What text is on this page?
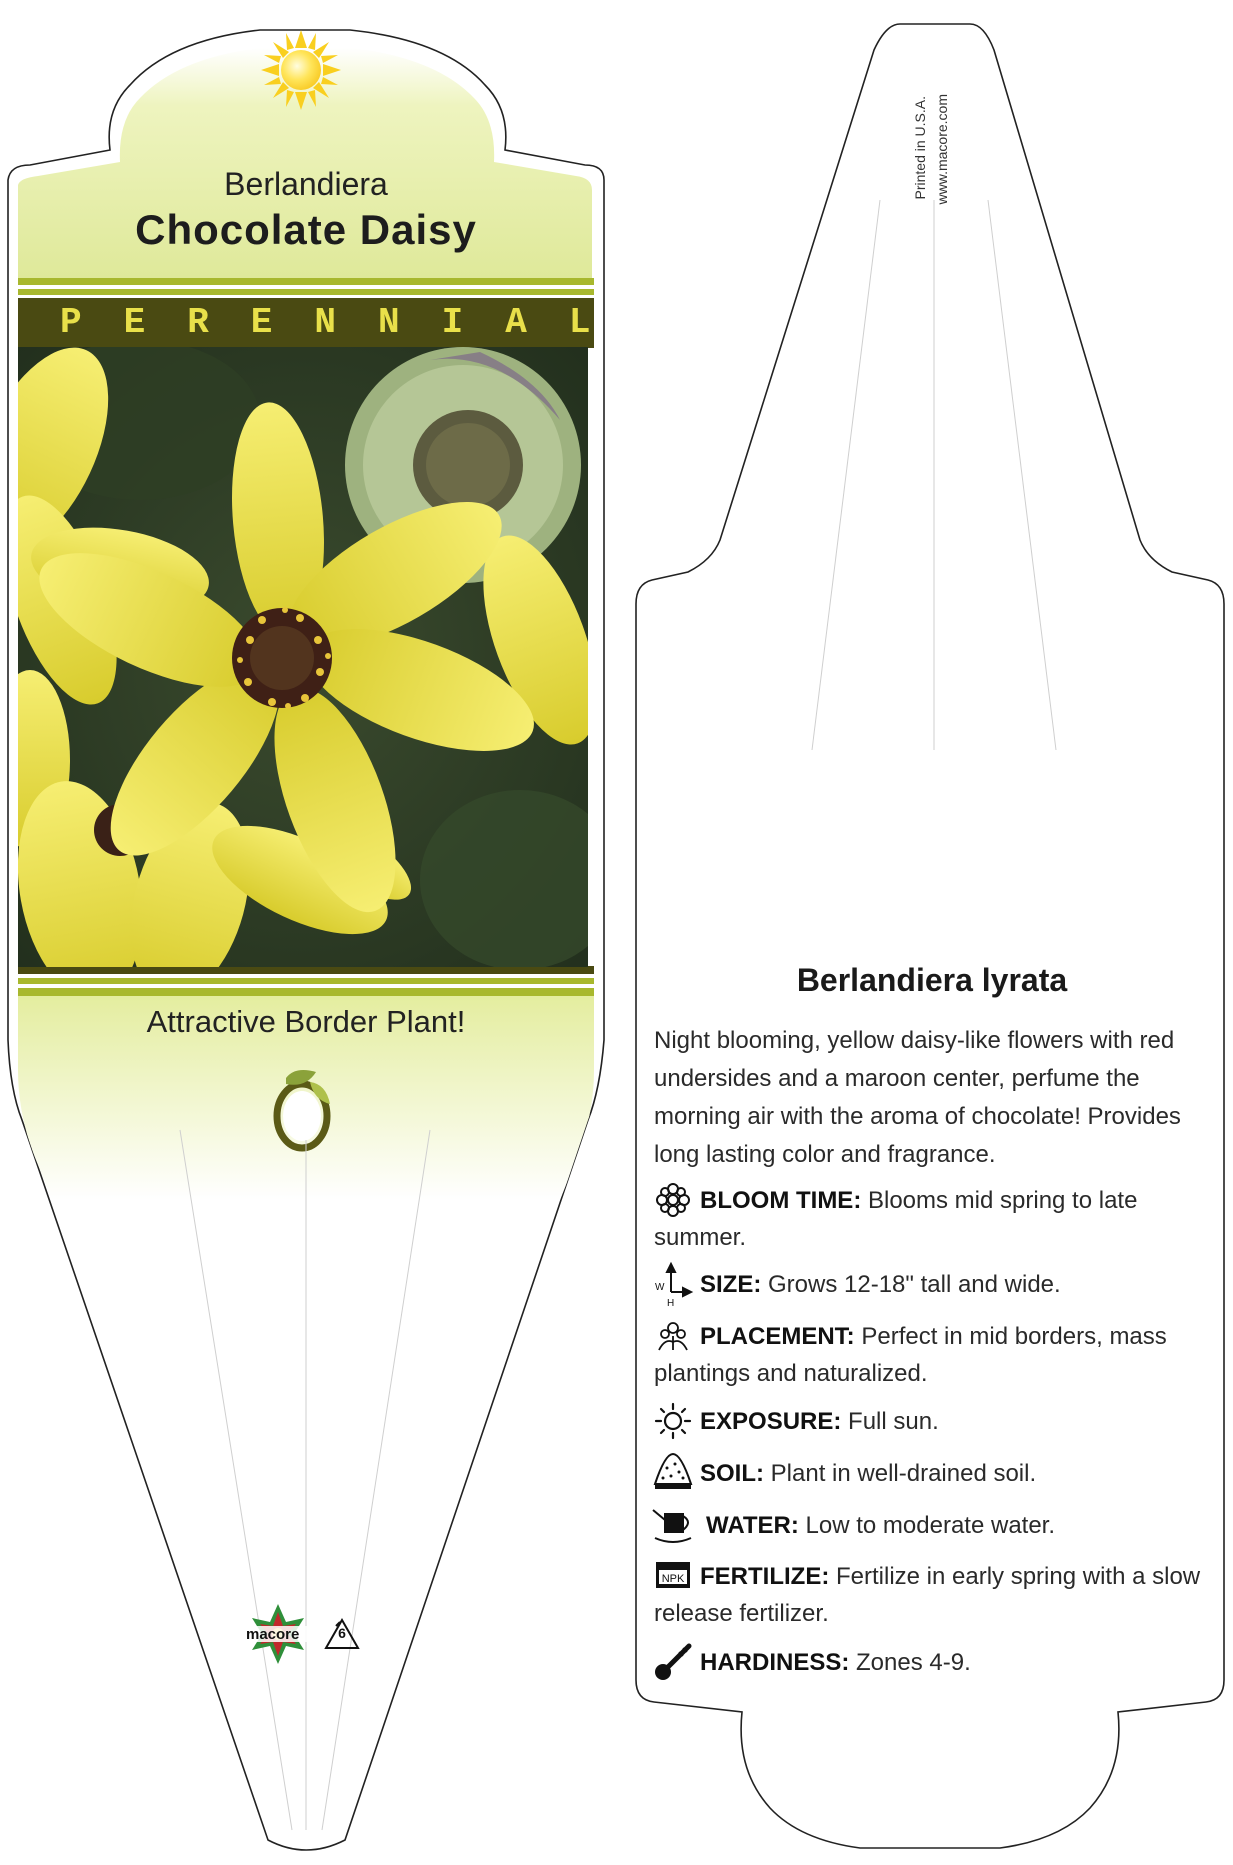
W
H
NPK

Berlandiera

Chocolate Daisy

PERENNIAL

Attractive Border Plant!

macore	6

Printed in U.S.A. www.macore.com

Berlandiera lyrata

Night blooming, yellow daisy-like flowers with red undersides and a maroon center, perfume the morning air with the aroma of chocolate! Provides long lasting color and fragrance.

BLOOM TIME: Blooms mid spring to late summer.
SIZE: Grows 12-18" tall and wide.
PLACEMENT: Perfect in mid borders, mass plantings and naturalized.
EXPOSURE: Full sun.
SOIL: Plant in well-drained soil.
WATER: Low to moderate water.
FERTILIZE: Fertilize in early spring with a slow release fertilizer.
HARDINESS: Zones 4-9.
